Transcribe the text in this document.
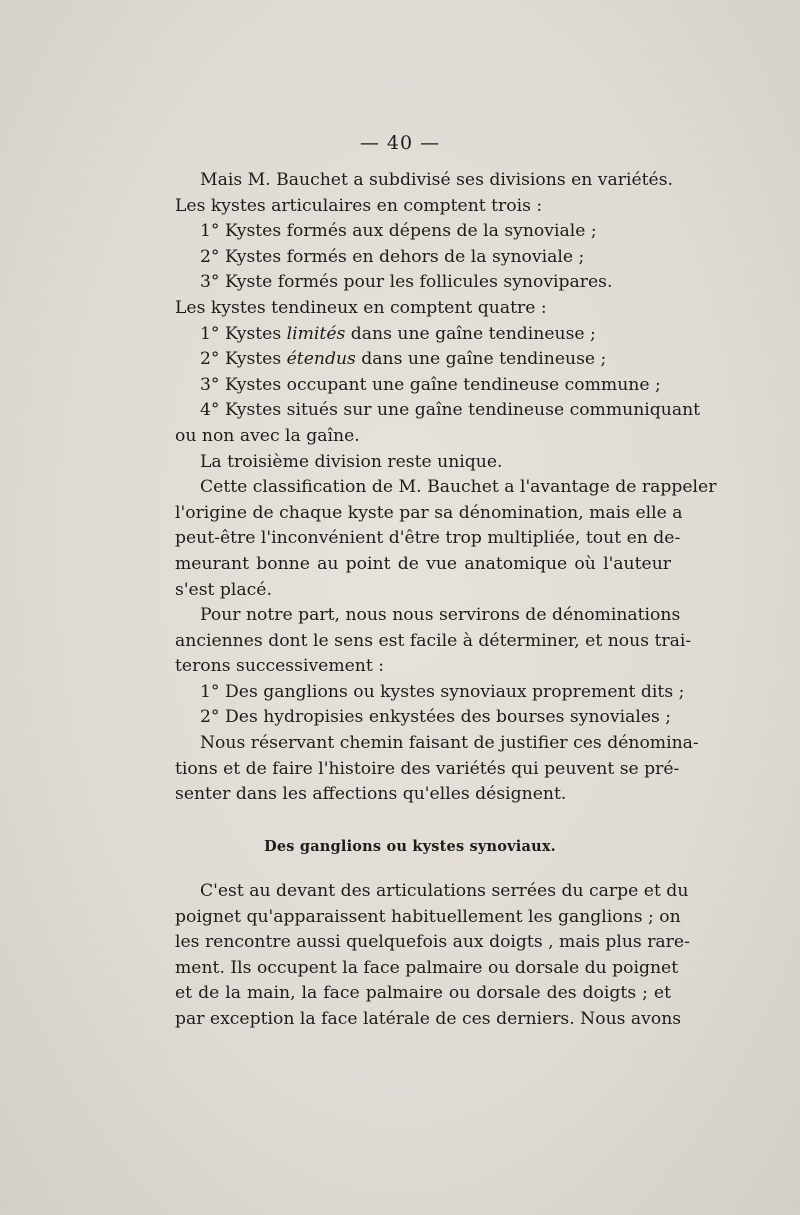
— 40 —
Mais M. Bauchet a subdivisé ses divisions en variétés.
Les kystes articulaires en comptent trois :
1° Kystes formés aux dépens de la synoviale ;
2° Kystes formés en dehors de la synoviale ;
3° Kyste formés pour les follicules synovipares.
Les kystes tendineux en comptent quatre :
1° Kystes limités dans une gaîne tendineuse ;
2° Kystes étendus dans une gaîne tendineuse ;
3° Kystes occupant une gaîne tendineuse commune ;
4° Kystes situés sur une gaîne tendineuse communiquant
ou non avec la gaîne.
La troisième division reste unique.
Cette classification de M. Bauchet a l'avantage de rappeler
l'origine de chaque kyste par sa dénomination, mais elle a
peut-être l'inconvénient d'être trop multipliée, tout en de-
meurant bonne au point de vue anatomique où l'auteur
s'est placé.
Pour notre part, nous nous servirons de dénominations
anciennes dont le sens est facile à déterminer, et nous trai-
terons successivement :
1° Des ganglions ou kystes synoviaux proprement dits ;
2° Des hydropisies enkystées des bourses synoviales ;
Nous réservant chemin faisant de justifier ces dénomina-
tions et de faire l'histoire des variétés qui peuvent se pré-
senter dans les affections qu'elles désignent.
Des ganglions ou kystes synoviaux.
C'est au devant des articulations serrées du carpe et du
poignet qu'apparaissent habituellement les ganglions ; on
les rencontre aussi quelquefois aux doigts , mais plus rare-
ment. Ils occupent la face palmaire ou dorsale du poignet
et de la main, la face palmaire ou dorsale des doigts ; et
par exception la face latérale de ces derniers. Nous avons
